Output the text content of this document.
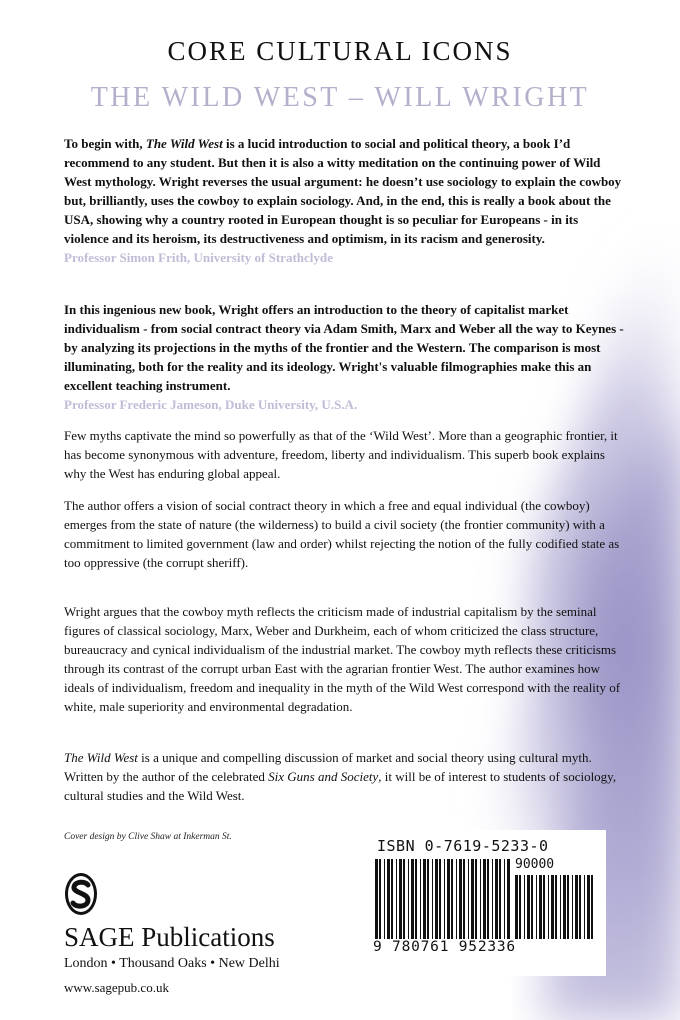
CORE CULTURAL ICONS
THE WILD WEST – WILL WRIGHT

To begin with, The Wild West is a lucid introduction to social and political theory, a book I’d recommend to any student. But then it is also a witty meditation on the continuing power of Wild West mythology. Wright reverses the usual argument: he doesn’t use sociology to explain the cowboy but, brilliantly, uses the cowboy to explain sociology. And, in the end, this is really a book about the USA, showing why a country rooted in European thought is so peculiar for Europeans - in its violence and its heroism, its destructiveness and optimism, in its racism and generosity.
Professor Simon Frith, University of Strathclyde

In this ingenious new book, Wright offers an introduction to the theory of capitalist market individualism - from social contract theory via Adam Smith, Marx and Weber all the way to Keynes - by analyzing its projections in the myths of the frontier and the Western. The comparison is most illuminating, both for the reality and its ideology. Wright's valuable filmographies make this an excellent teaching instrument.
Professor Frederic Jameson, Duke University, U.S.A.

Few myths captivate the mind so powerfully as that of the ‘Wild West’. More than a geographic frontier, it has become synonymous with adventure, freedom, liberty and individualism. This superb book explains why the West has enduring global appeal.

The author offers a vision of social contract theory in which a free and equal individual (the cowboy) emerges from the state of nature (the wilderness) to build a civil society (the frontier community) with a commitment to limited government (law and order) whilst rejecting the notion of the fully codified state as too oppressive (the corrupt sheriff).

Wright argues that the cowboy myth reflects the criticism made of industrial capitalism by the seminal figures of classical sociology, Marx, Weber and Durkheim, each of whom criticized the class structure, bureaucracy and cynical individualism of the industrial market. The cowboy myth reflects these criticisms through its contrast of the corrupt urban East with the agrarian frontier West. The author examines how ideals of individualism, freedom and inequality in the myth of the Wild West correspond with the reality of white, male superiority and environmental degradation.

The Wild West is a unique and compelling discussion of market and social theory using cultural myth. Written by the author of the celebrated Six Guns and Society, it will be of interest to students of sociology, cultural studies and the Wild West.

Cover design by Clive Shaw at Inkerman St.
SAGE Publications
London • Thousand Oaks • New Delhi
www.sagepub.co.uk
ISBN 0-7619-5233-0
90000
9 780761 952336
